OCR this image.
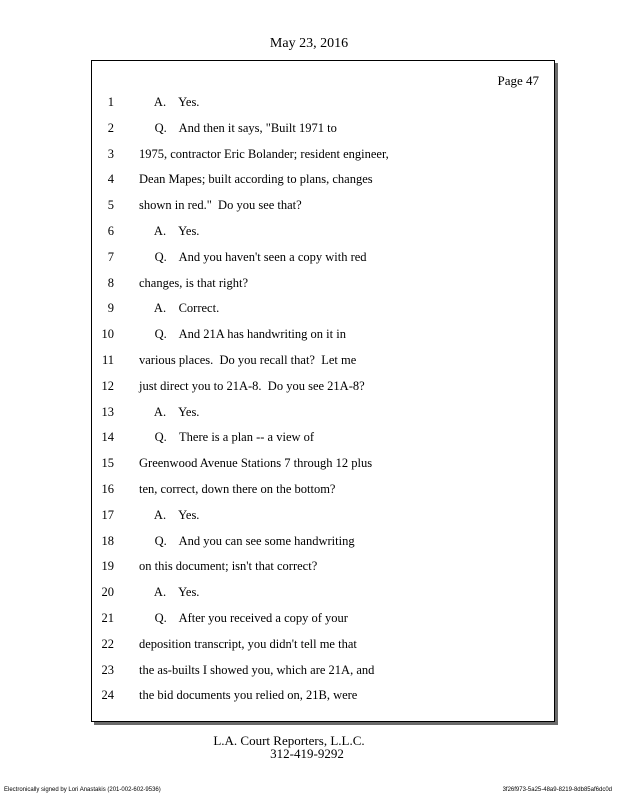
May 23, 2016
Page 47
1 A.    Yes.
2 Q.    And then it says, "Built 1971 to
3 1975, contractor Eric Bolander; resident engineer,
4 Dean Mapes; built according to plans, changes
5 shown in red."  Do you see that?
6 A.    Yes.
7 Q.    And you haven't seen a copy with red
8 changes, is that right?
9 A.    Correct.
10 Q.    And 21A has handwriting on it in
11 various places.  Do you recall that?  Let me
12 just direct you to 21A-8.  Do you see 21A-8?
13 A.    Yes.
14 Q.    There is a plan -- a view of
15 Greenwood Avenue Stations 7 through 12 plus
16 ten, correct, down there on the bottom?
17 A.    Yes.
18 Q.    And you can see some handwriting
19 on this document; isn't that correct?
20 A.    Yes.
21 Q.    After you received a copy of your
22 deposition transcript, you didn't tell me that
23 the as-builts I showed you, which are 21A, and
24 the bid documents you relied on, 21B, were
L.A. Court Reporters, L.L.C.
312-419-9292
Electronically signed by Lori Anastakis (201-002-602-9536)	3f26f973-5a25-48a9-8219-8db85af6dc0d
